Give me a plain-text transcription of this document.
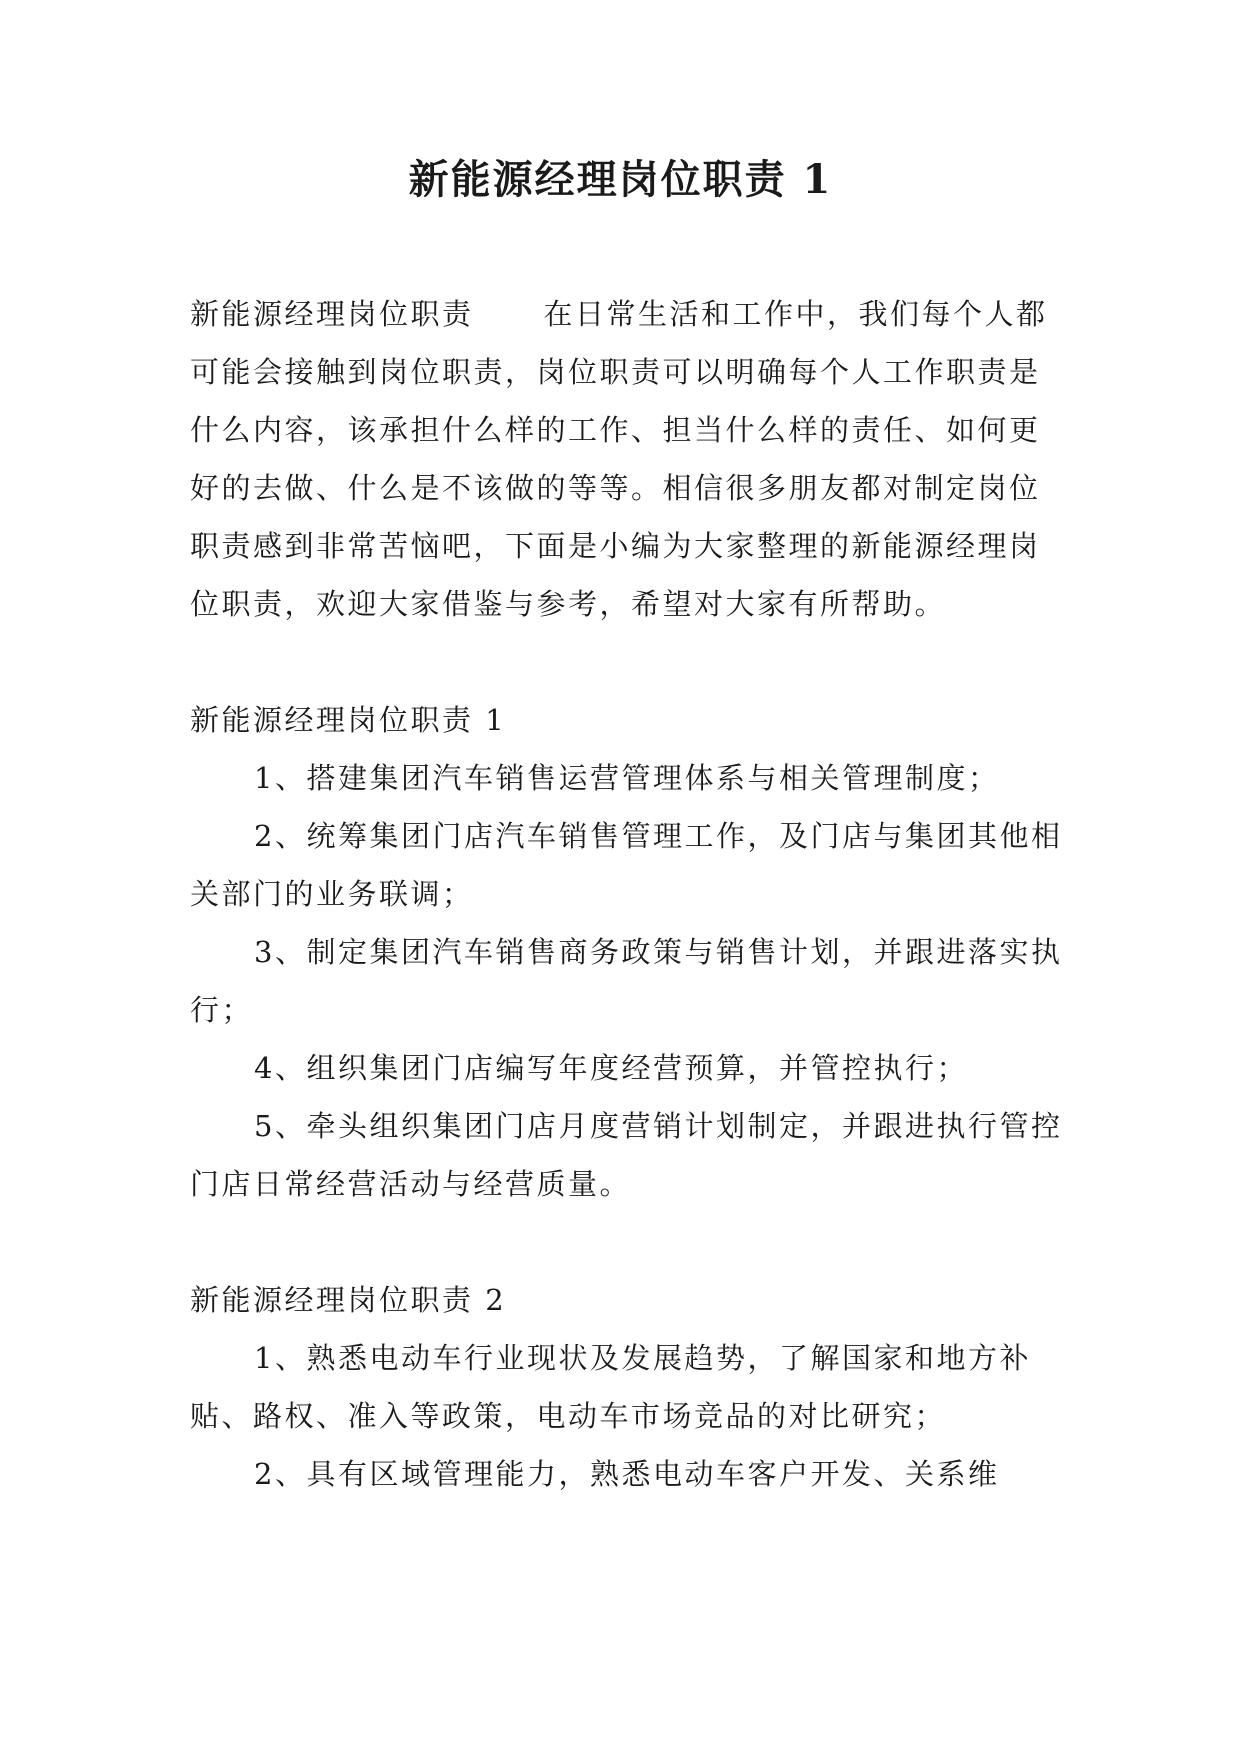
新能源经理岗位职责 1

新能源经理岗位职责 在日常生活和工作中，我们每个人都可能会接触到岗位职责，岗位职责可以明确每个人工作职责是什么内容，该承担什么样的工作、担当什么样的责任、如何更好的去做、什么是不该做的等等。相信很多朋友都对制定岗位职责感到非常苦恼吧，下面是小编为大家整理的新能源经理岗位职责，欢迎大家借鉴与参考，希望对大家有所帮助。

新能源经理岗位职责 1

1、搭建集团汽车销售运营管理体系与相关管理制度；

2、统筹集团门店汽车销售管理工作，及门店与集团其他相关部门的业务联调；

3、制定集团汽车销售商务政策与销售计划，并跟进落实执行；

4、组织集团门店编写年度经营预算，并管控执行；

5、牵头组织集团门店月度营销计划制定，并跟进执行管控门店日常经营活动与经营质量。

新能源经理岗位职责 2

1、熟悉电动车行业现状及发展趋势，了解国家和地方补贴、路权、准入等政策，电动车市场竞品的对比研究；

2、具有区域管理能力，熟悉电动车客户开发、关系维
